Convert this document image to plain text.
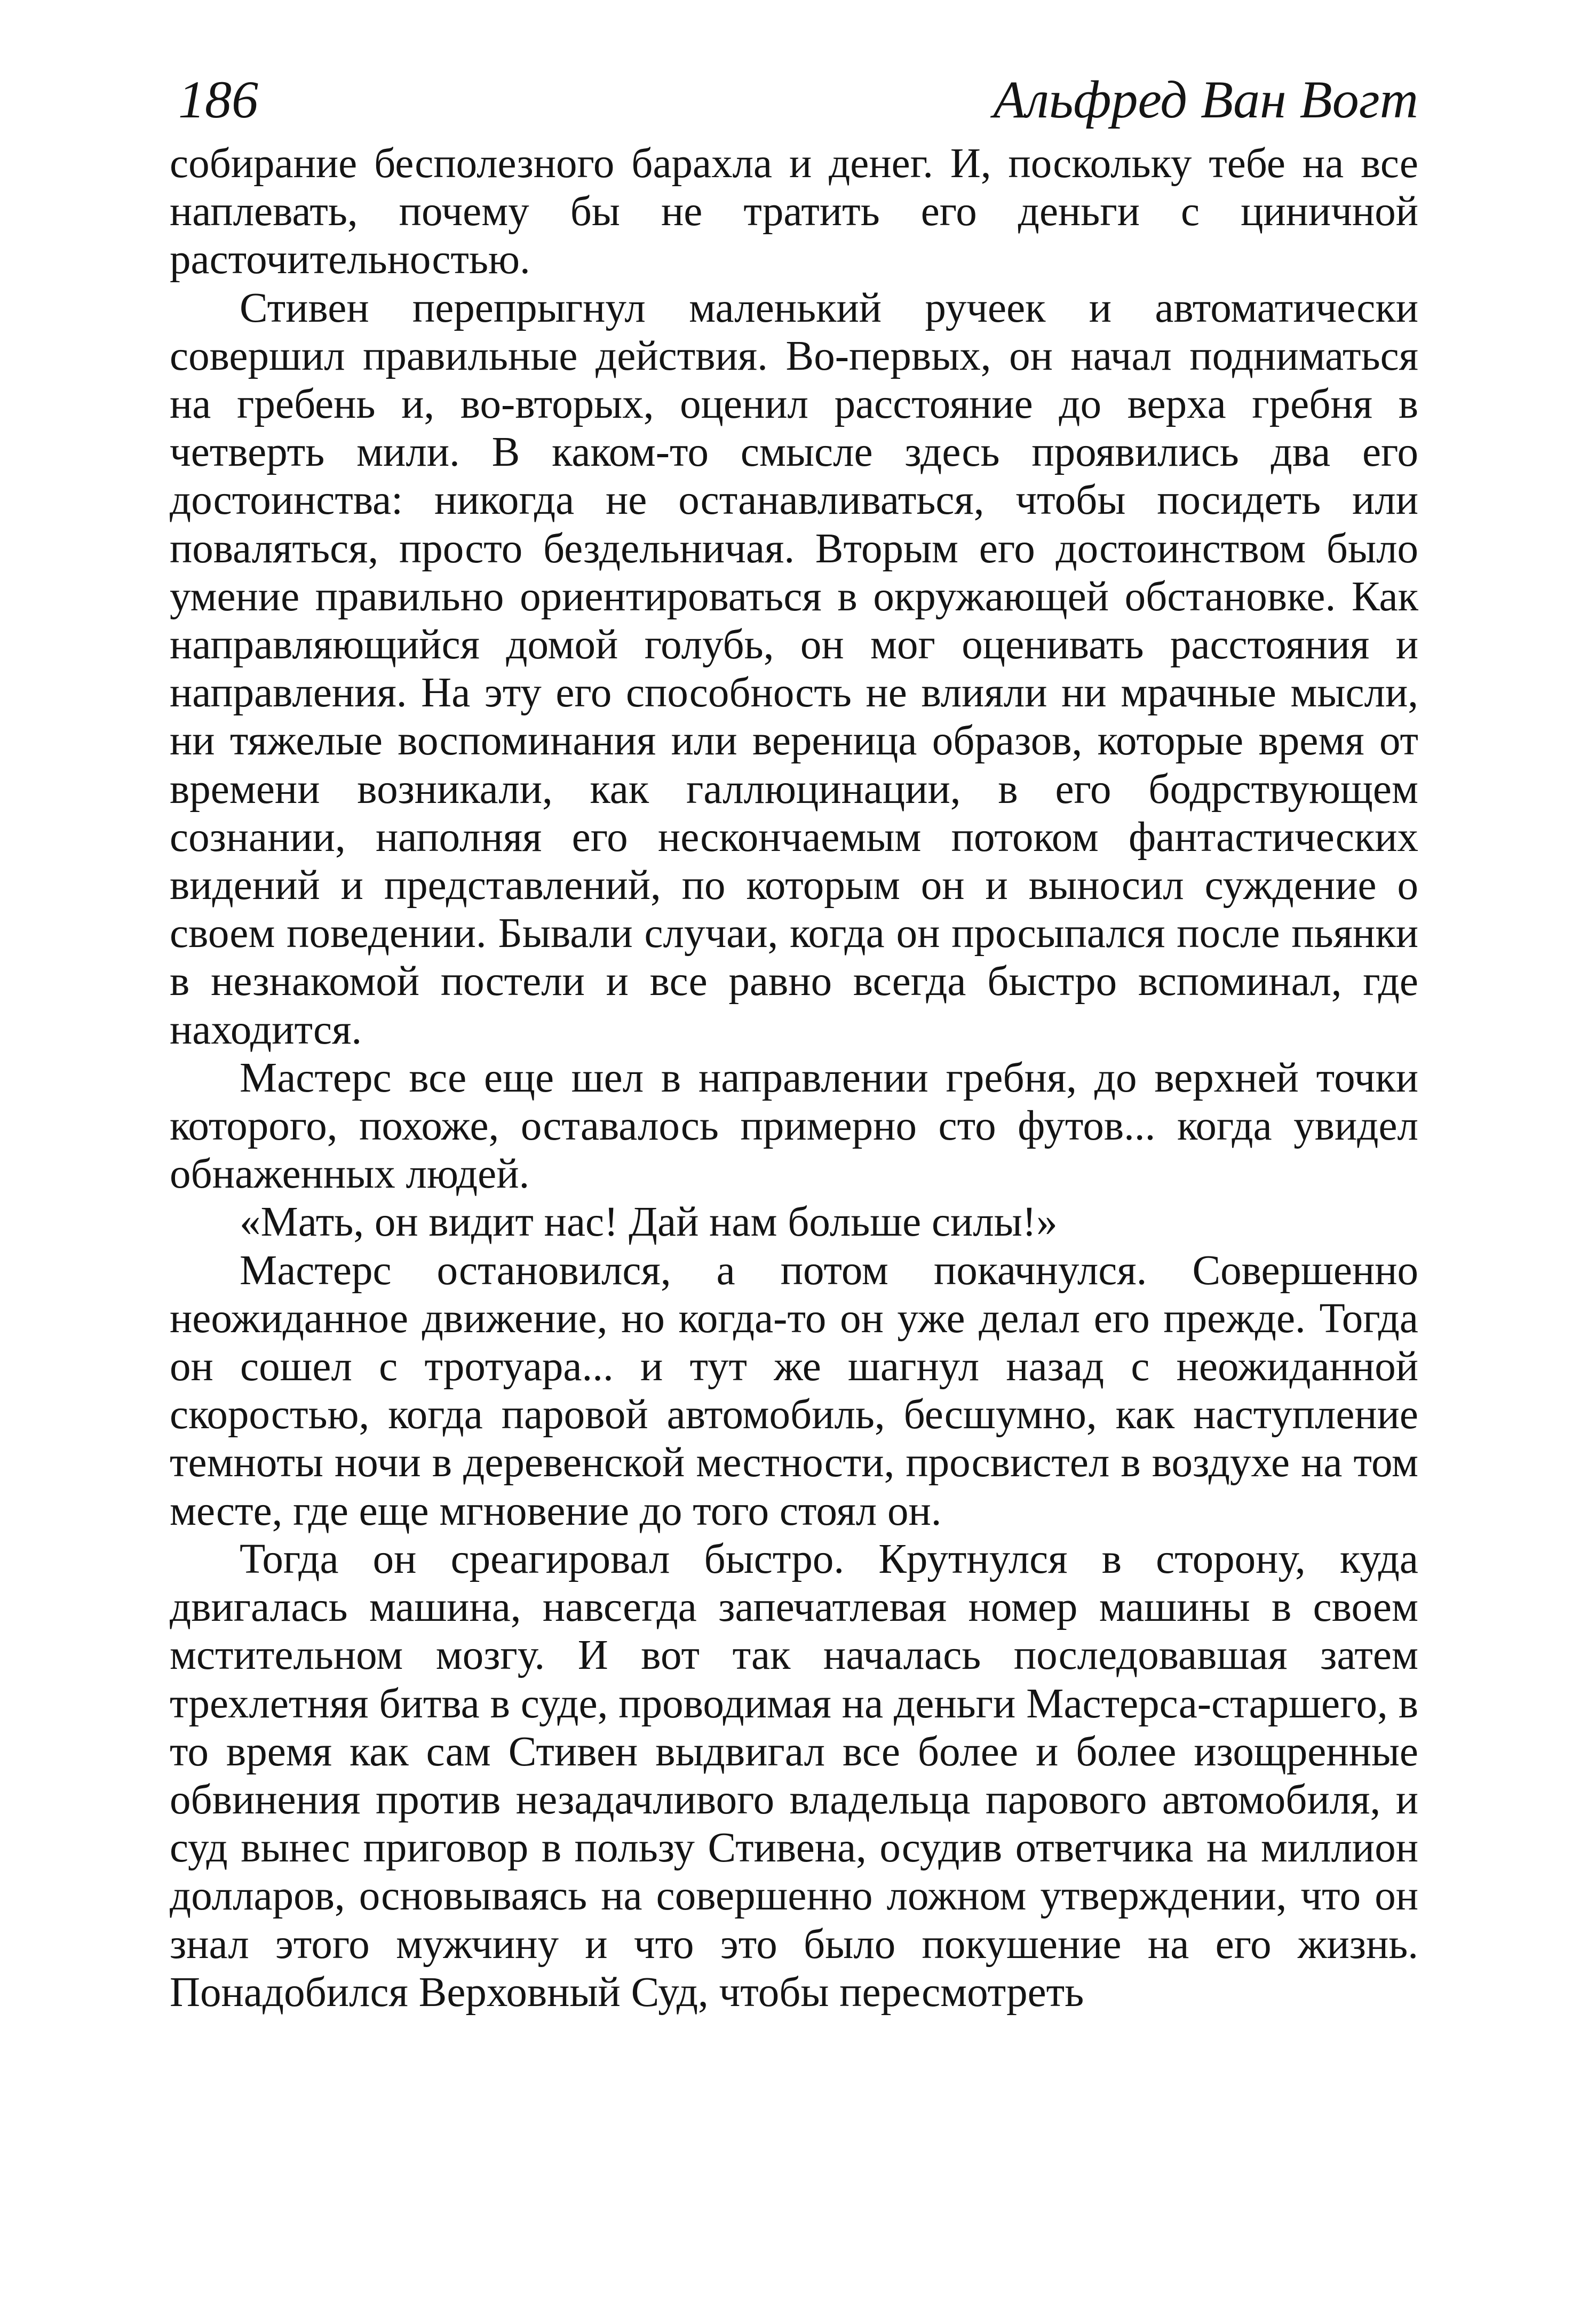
186	Альфред Ван Вогт

собирание бесполезного барахла и денег. И, поскольку тебе на все наплевать, почему бы не тратить его деньги с циничной расточительностью.

Стивен перепрыгнул маленький ручеек и автоматически совершил правильные действия. Во-первых, он начал подниматься на гребень и, во-вторых, оценил расстояние до верха гребня в четверть мили. В каком-то смысле здесь проявились два его достоинства: никогда не останавливаться, чтобы посидеть или поваляться, просто бездельничая. Вторым его достоинством было умение правильно ориентироваться в окружающей обстановке. Как направляющийся домой голубь, он мог оценивать расстояния и направления. На эту его способность не влияли ни мрачные мысли, ни тяжелые воспоминания или вереница образов, которые время от времени возникали, как галлюцинации, в его бодрствующем сознании, наполняя его нескончаемым потоком фантастических видений и представлений, по которым он и выносил суждение о своем поведении. Бывали случаи, когда он просыпался после пьянки в незнакомой постели и все равно всегда быстро вспоминал, где находится.

Мастерс все еще шел в направлении гребня, до верхней точки которого, похоже, оставалось примерно сто футов... когда увидел обнаженных людей.

«Мать, он видит нас! Дай нам больше силы!»

Мастерс остановился, а потом покачнулся. Совершенно неожиданное движение, но когда-то он уже делал его прежде. Тогда он сошел с тротуара... и тут же шагнул назад с неожиданной скоростью, когда паровой автомобиль, бесшумно, как наступление темноты ночи в деревенской местности, просвистел в воздухе на том месте, где еще мгновение до того стоял он.

Тогда он среагировал быстро. Крутнулся в сторону, куда двигалась машина, навсегда запечатлевая номер машины в своем мстительном мозгу. И вот так началась последовавшая затем трехлетняя битва в суде, проводимая на деньги Мастерса-старшего, в то время как сам Стивен выдвигал все более и более изощренные обвинения против незадачливого владельца парового автомобиля, и суд вынес приговор в пользу Стивена, осудив ответчика на миллион долларов, основываясь на совершенно ложном утверждении, что он знал этого мужчину и что это было покушение на его жизнь. Понадобился Верховный Суд, чтобы пересмотреть
